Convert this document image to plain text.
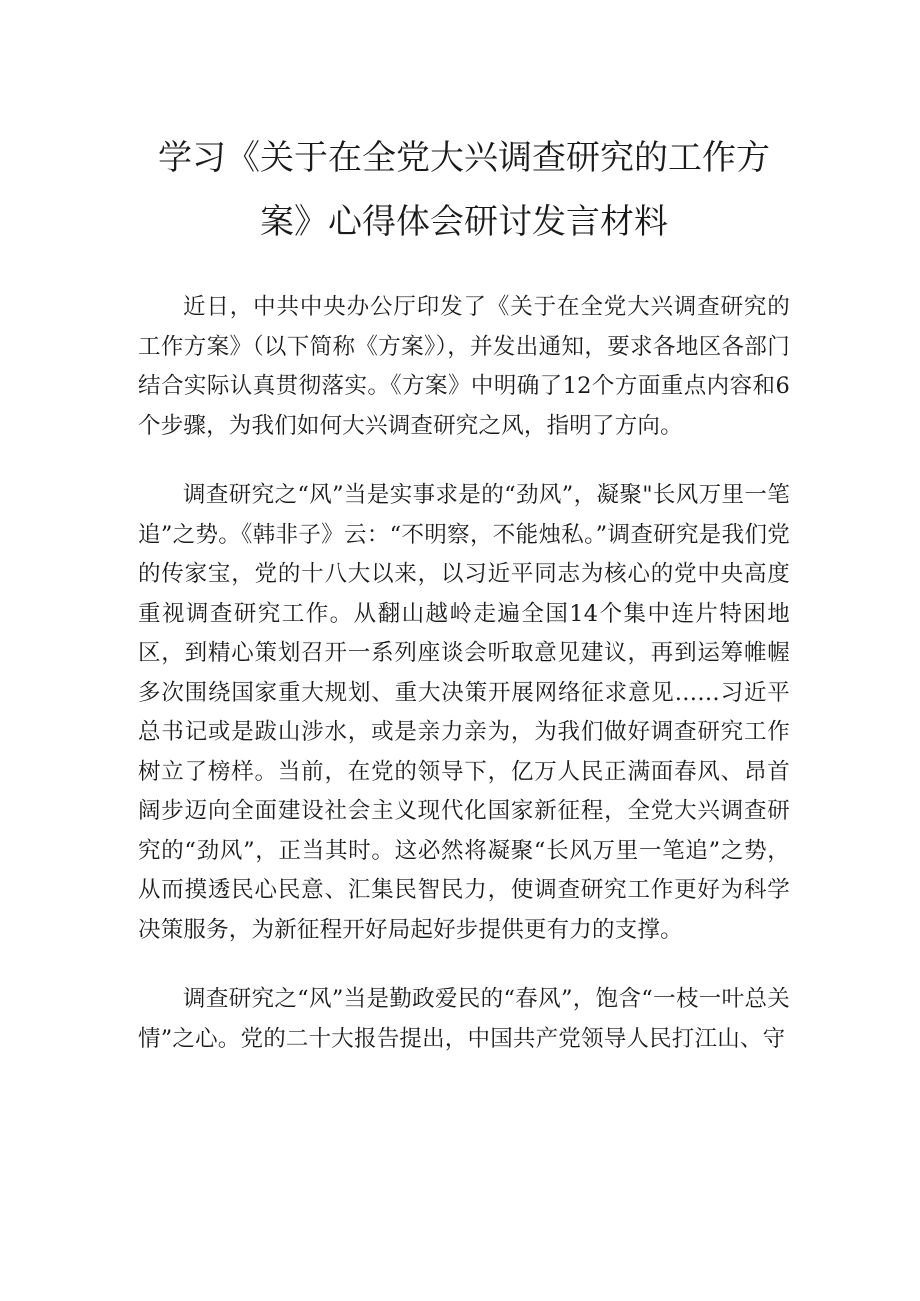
学习《关于在全党大兴调查研究的工作方
案》心得体会研讨发言材料

近日，中共中央办公厅印发了《关于在全党大兴调查研究的工作方案》（以下简称《方案》），并发出通知，要求各地区各部门结合实际认真贯彻落实。《方案》中明确了12个方面重点内容和6个步骤，为我们如何大兴调查研究之风，指明了方向。

调查研究之“风”当是实事求是的“劲风”，凝聚"长风万里一笔追”之势。《韩非子》云：“不明察，不能烛私。”调查研究是我们党的传家宝，党的十八大以来，以习近平同志为核心的党中央高度重视调查研究工作。从翻山越岭走遍全国14个集中连片特困地区，到精心策划召开一系列座谈会听取意见建议，再到运筹帷幄多次围绕国家重大规划、重大决策开展网络征求意见……习近平总书记或是跋山涉水，或是亲力亲为，为我们做好调查研究工作树立了榜样。当前，在党的领导下，亿万人民正满面春风、昂首阔步迈向全面建设社会主义现代化国家新征程，全党大兴调查研究的“劲风”，正当其时。这必然将凝聚“长风万里一笔追”之势，从而摸透民心民意、汇集民智民力，使调查研究工作更好为科学决策服务，为新征程开好局起好步提供更有力的支撑。

调查研究之“风”当是勤政爱民的“春风”，饱含“一枝一叶总关情”之心。党的二十大报告提出，中国共产党领导人民打江山、守
